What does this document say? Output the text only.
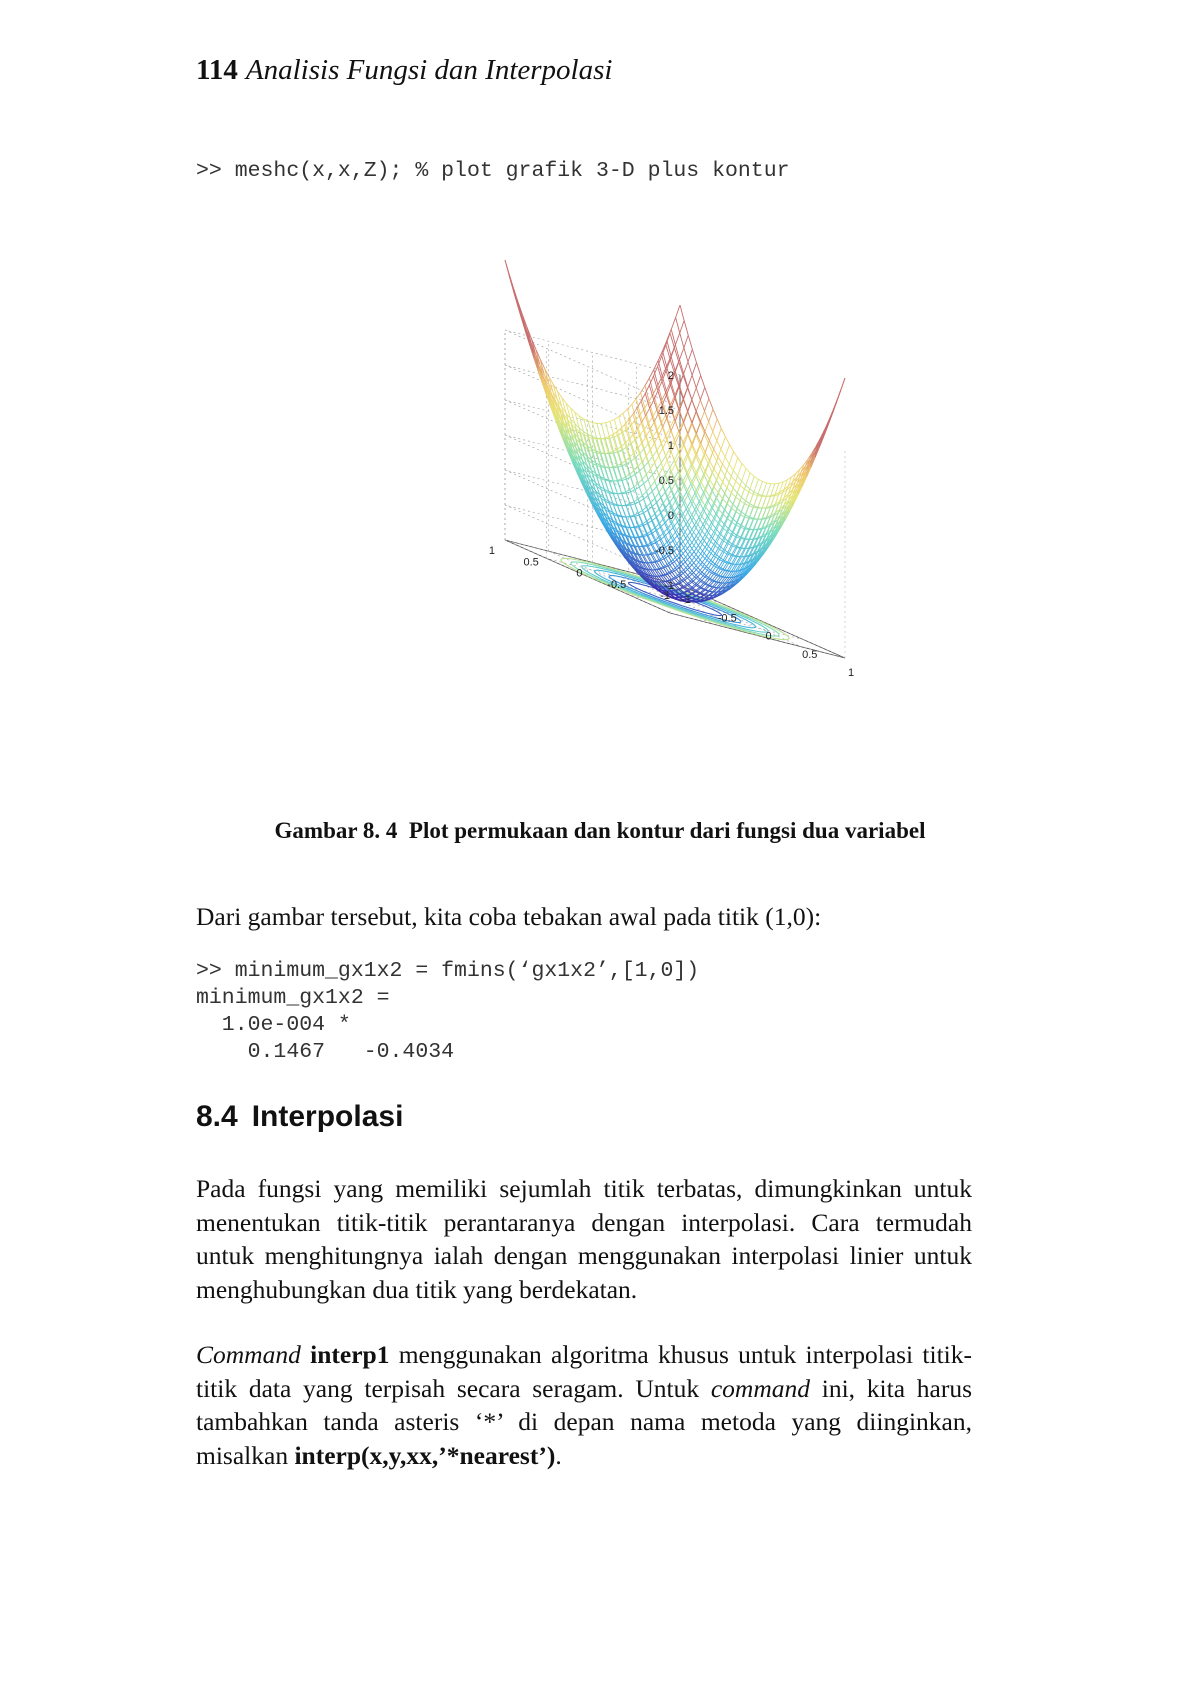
114 Analisis Fungsi dan Interpolasi
>> meshc(x,x,Z); % plot grafik 3-D plus kontur
2
1.5
1
0.5
0
-0.5
-1
-1
-0.5
0
0.5
1
1
0.5
0
-0.5
-1
Gambar 8. 4 Plot permukaan dan kontur dari fungsi dua variabel
Dari gambar tersebut, kita coba tebakan awal pada titik (1,0):
>> minimum_gx1x2 = fmins(‘gx1x2’,[1,0])
minimum_gx1x2 =
1.0e-004 *
0.1467   -0.4034
8.4 Interpolasi
Pada fungsi yang memiliki sejumlah titik terbatas, dimungkinkan untuk menentukan titik-titik perantaranya dengan interpolasi. Cara termudah untuk menghitungnya ialah dengan menggunakan interpolasi linier untuk menghubungkan dua titik yang berdekatan.
Command interp1 menggunakan algoritma khusus untuk interpolasi titik-titik data yang terpisah secara seragam. Untuk command ini, kita harus tambahkan tanda asteris ‘*’ di depan nama metoda yang diinginkan, misalkan interp(x,y,xx,’*nearest’).
